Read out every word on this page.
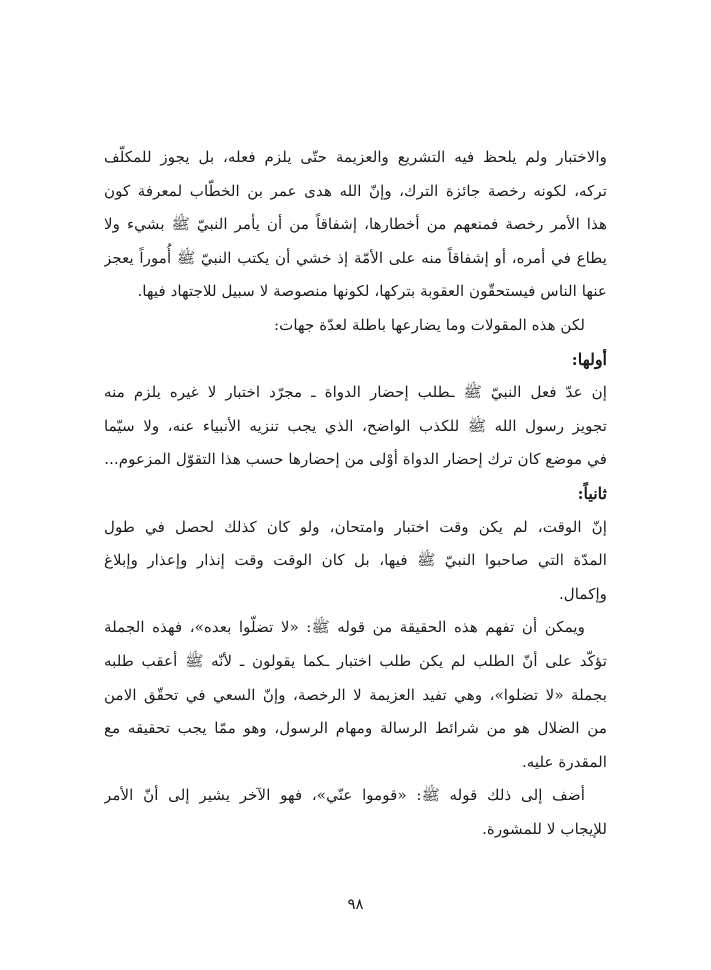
والاختبار ولم يلحظ فيه التشريع والعزيمة حتّى يلزم فعله، بل يجوز للمكلّف
تركه، لكونه رخصة جائزة الترك، وإنّ الله هدى عمر بن الخطّاب لمعرفة كون
هذا الأمر رخصة فمنعهم من أخطارها، إشفاقاً من أن يأمر النبيّ ﷺ بشيء ولا
يطاع في أمره، أو إشفاقاً منه على الأمّة إذ خشي أن يكتب النبيّ ﷺ أُموراً يعجز
عنها الناس فيستحقّون العقوبة بتركها، لكونها منصوصة لا سبيل للاجتهاد فيها.
لكن هذه المقولات وما يضارعها باطلة لعدّة جهات:
أولها:
إن عدّ فعل النبيّ ﷺ ـطلب إحضار الدواة ـ مجرّد اختبار لا غيره يلزم منه
تجويز رسول الله ﷺ للكذب الواضح، الذي يجب تنزيه الأنبياء عنه، ولا سيّما
في موضع كان ترك إحضار الدواة أوْلى من إحضارها حسب هذا التقوّل المزعوم...
ثانياً:
إنّ الوقت، لم يكن وقت اختبار وامتحان، ولو كان كذلك لحصل في طول
المدّة التي صاحبوا النبيّ ﷺ فيها، بل كان الوقت وقت إنذار وإعذار وإبلاغ
وإكمال.
ويمكن أن تفهم هذه الحقيقة من قوله ﷺ: «لا تضلّوا بعده»، فهذه الجملة
تؤكّد على أنّ الطلب لم يكن طلب اختبار ـكما يقولون ـ لأنّه ﷺ أعقب طلبه
بجملة «لا تضلوا»، وهي تفيد العزيمة لا الرخصة، وإنّ السعي في تحقّق الامن
من الضلال هو من شرائط الرسالة ومهام الرسول، وهو ممّا يجب تحقيقه مع
المقدرة عليه.
أضف إلى ذلك قوله ﷺ: «قوموا عنّي»، فهو الآخر يشير إلى أنّ الأمر
للإيجاب لا للمشورة.
٩٨
